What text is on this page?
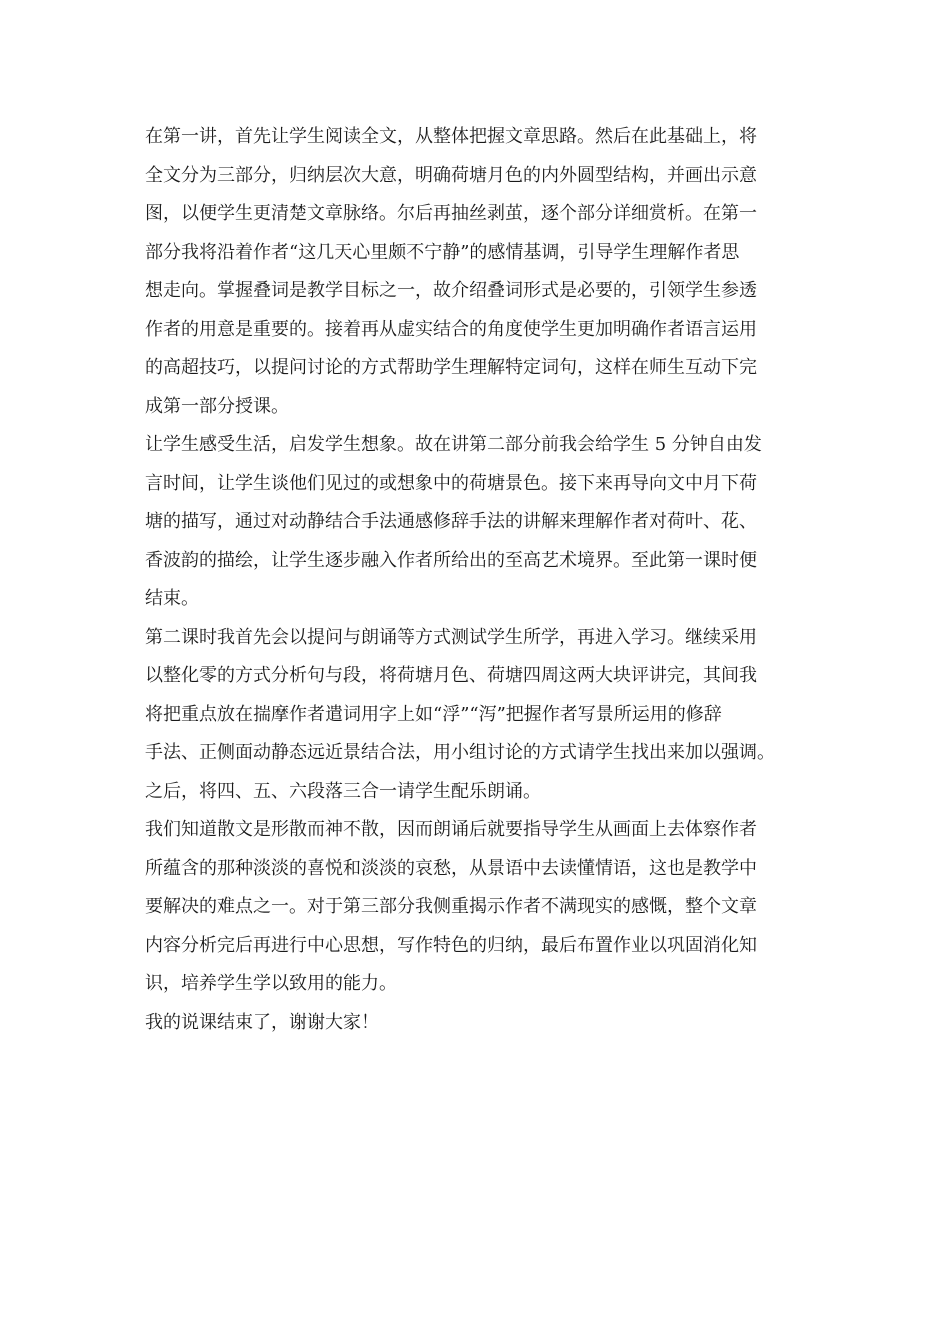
在第一讲，首先让学生阅读全文，从整体把握文章思路。然后在此基础上，将
全文分为三部分，归纳层次大意，明确荷塘月色的内外圆型结构，并画出示意
图，以便学生更清楚文章脉络。尔后再抽丝剥茧，逐个部分详细赏析。在第一
部分我将沿着作者“这几天心里颇不宁静”的感情基调，引导学生理解作者思
想走向。掌握叠词是教学目标之一，故介绍叠词形式是必要的，引领学生参透
作者的用意是重要的。接着再从虚实结合的角度使学生更加明确作者语言运用
的高超技巧，以提问讨论的方式帮助学生理解特定词句，这样在师生互动下完
成第一部分授课。
让学生感受生活，启发学生想象。故在讲第二部分前我会给学生 5 分钟自由发
言时间，让学生谈他们见过的或想象中的荷塘景色。接下来再导向文中月下荷
塘的描写，通过对动静结合手法通感修辞手法的讲解来理解作者对荷叶、花、
香波韵的描绘，让学生逐步融入作者所给出的至高艺术境界。至此第一课时便
结束。
第二课时我首先会以提问与朗诵等方式测试学生所学，再进入学习。继续采用
以整化零的方式分析句与段，将荷塘月色、荷塘四周这两大块评讲完，其间我
将把重点放在揣摩作者遣词用字上如“浮”“泻”把握作者写景所运用的修辞
手法、正侧面动静态远近景结合法，用小组讨论的方式请学生找出来加以强调。
之后，将四、五、六段落三合一请学生配乐朗诵。
我们知道散文是形散而神不散，因而朗诵后就要指导学生从画面上去体察作者
所蕴含的那种淡淡的喜悦和淡淡的哀愁，从景语中去读懂情语，这也是教学中
要解决的难点之一。对于第三部分我侧重揭示作者不满现实的感慨，整个文章
内容分析完后再进行中心思想，写作特色的归纳，最后布置作业以巩固消化知
识，培养学生学以致用的能力。
我的说课结束了，谢谢大家！
